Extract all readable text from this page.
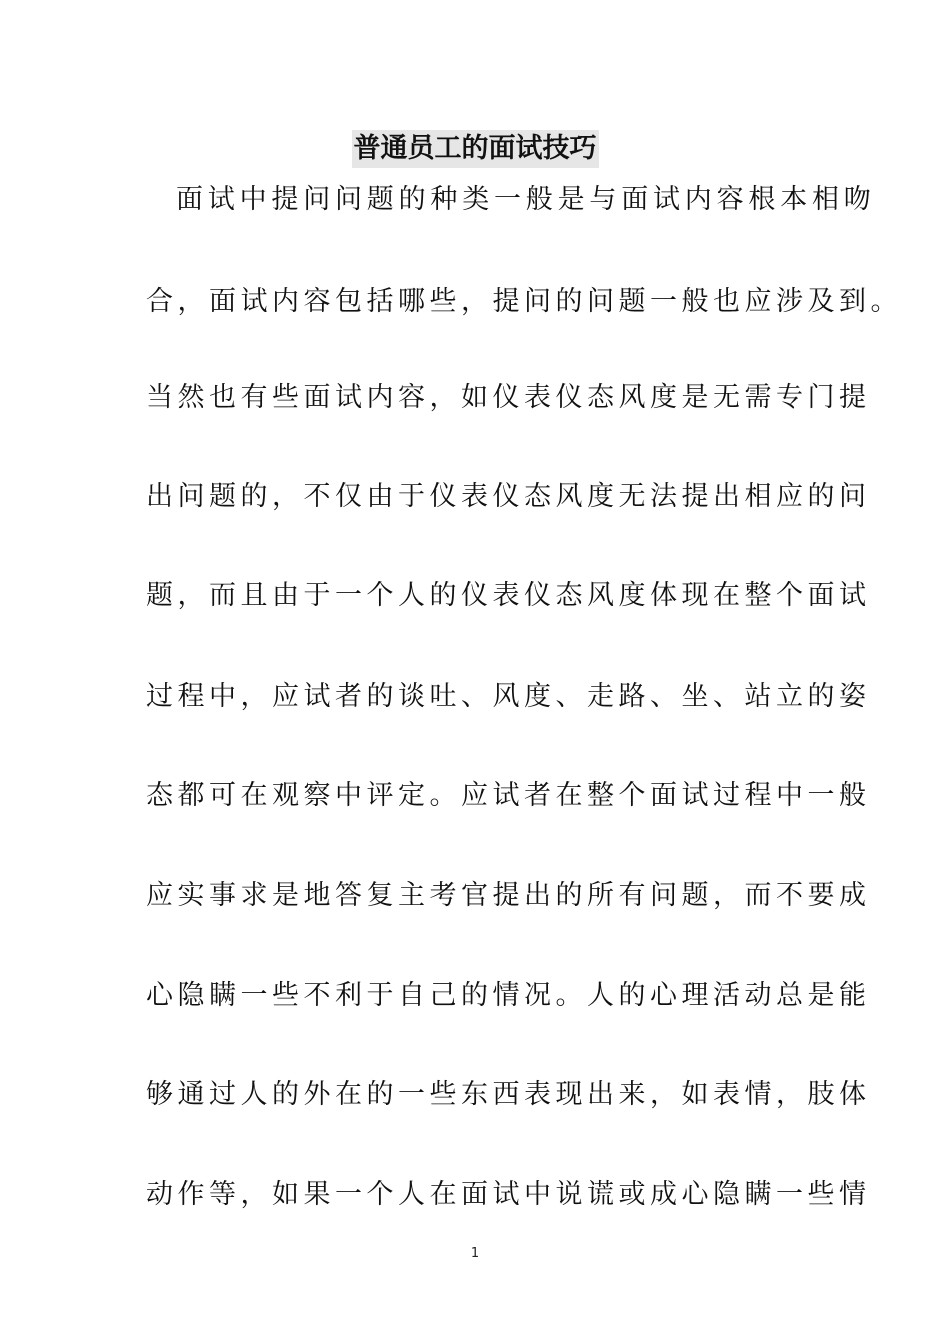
普通员工的面试技巧
面试中提问问题的种类一般是与面试内容根本相吻
合，面试内容包括哪些，提问的问题一般也应涉及到。
当然也有些面试内容，如仪表仪态风度是无需专门提
出问题的，不仅由于仪表仪态风度无法提出相应的问
题，而且由于一个人的仪表仪态风度体现在整个面试
过程中，应试者的谈吐、风度、走路、坐、站立的姿
态都可在观察中评定。应试者在整个面试过程中一般
应实事求是地答复主考官提出的所有问题，而不要成
心隐瞒一些不利于自己的情况。人的心理活动总是能
够通过人的外在的一些东西表现出来，如表情，肢体
动作等，如果一个人在面试中说谎或成心隐瞒一些情
1
